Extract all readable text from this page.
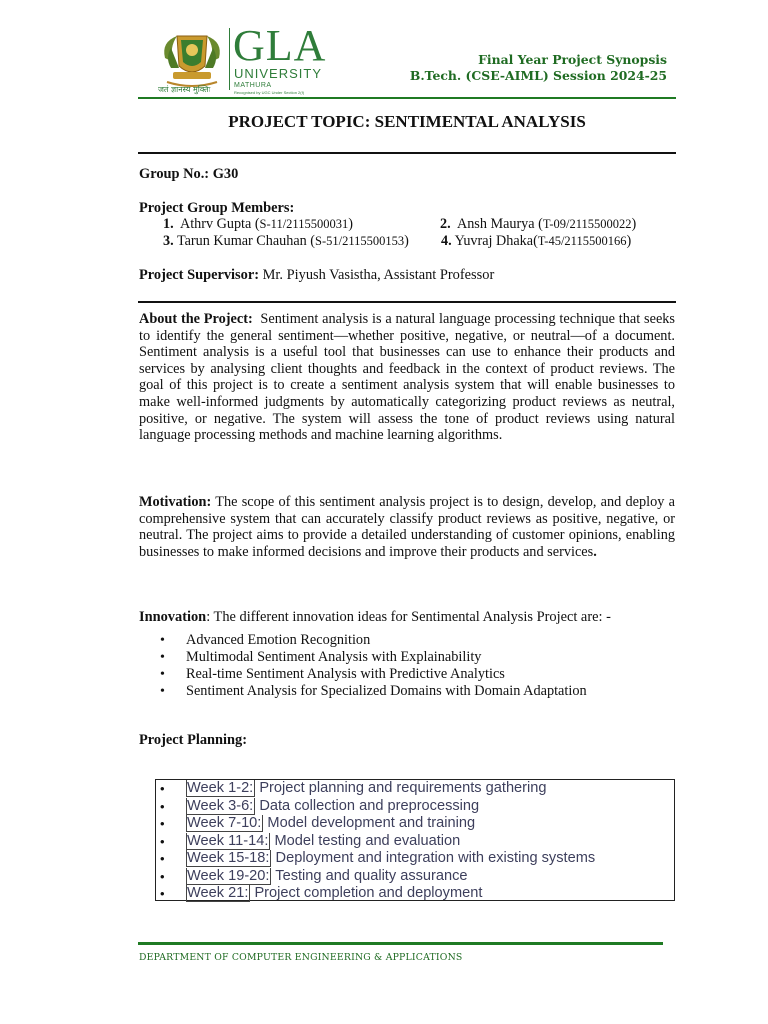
GLA
UNIVERSITY
MATHURA
Recognised by UGC Under Section 2(f)
जतं ज्ञानस्य मुक्तिः
Final Year Project Synopsis
B.Tech. (CSE-AIML) Session 2024-25
PROJECT TOPIC: SENTIMENTAL ANALYSIS
Group No.: G30
Project Group Members:
1. Athrv Gupta (S-11/2115500031)	2. Ansh Maurya (T-09/2115500022)
3. Tarun Kumar Chauhan (S-51/2115500153) 4. Yuvraj Dhaka(T-45/2115500166)
Project Supervisor: Mr. Piyush Vasistha, Assistant Professor
About the Project: Sentiment analysis is a natural language processing technique that seeks to identify the general sentiment—whether positive, negative, or neutral—of a document. Sentiment analysis is a useful tool that businesses can use to enhance their products and services by analysing client thoughts and feedback in the context of product reviews. The goal of this project is to create a sentiment analysis system that will enable businesses to make well-informed judgments by automatically categorizing product reviews as neutral, positive, or negative. The system will assess the tone of product reviews using natural language processing methods and machine learning algorithms.
Motivation: The scope of this sentiment analysis project is to design, develop, and deploy a comprehensive system that can accurately classify product reviews as positive, negative, or neutral. The project aims to provide a detailed understanding of customer opinions, enabling businesses to make informed decisions and improve their products and services.
Innovation: The different innovation ideas for Sentimental Analysis Project are: -
• Advanced Emotion Recognition
• Multimodal Sentiment Analysis with Explainability
• Real-time Sentiment Analysis with Predictive Analytics
• Sentiment Analysis for Specialized Domains with Domain Adaptation
Project Planning:
• Week 1-2: Project planning and requirements gathering
• Week 3-6: Data collection and preprocessing
• Week 7-10: Model development and training
• Week 11-14: Model testing and evaluation
• Week 15-18: Deployment and integration with existing systems
• Week 19-20: Testing and quality assurance
• Week 21: Project completion and deployment
DEPARTMENT OF COMPUTER ENGINEERING & APPLICATIONS
